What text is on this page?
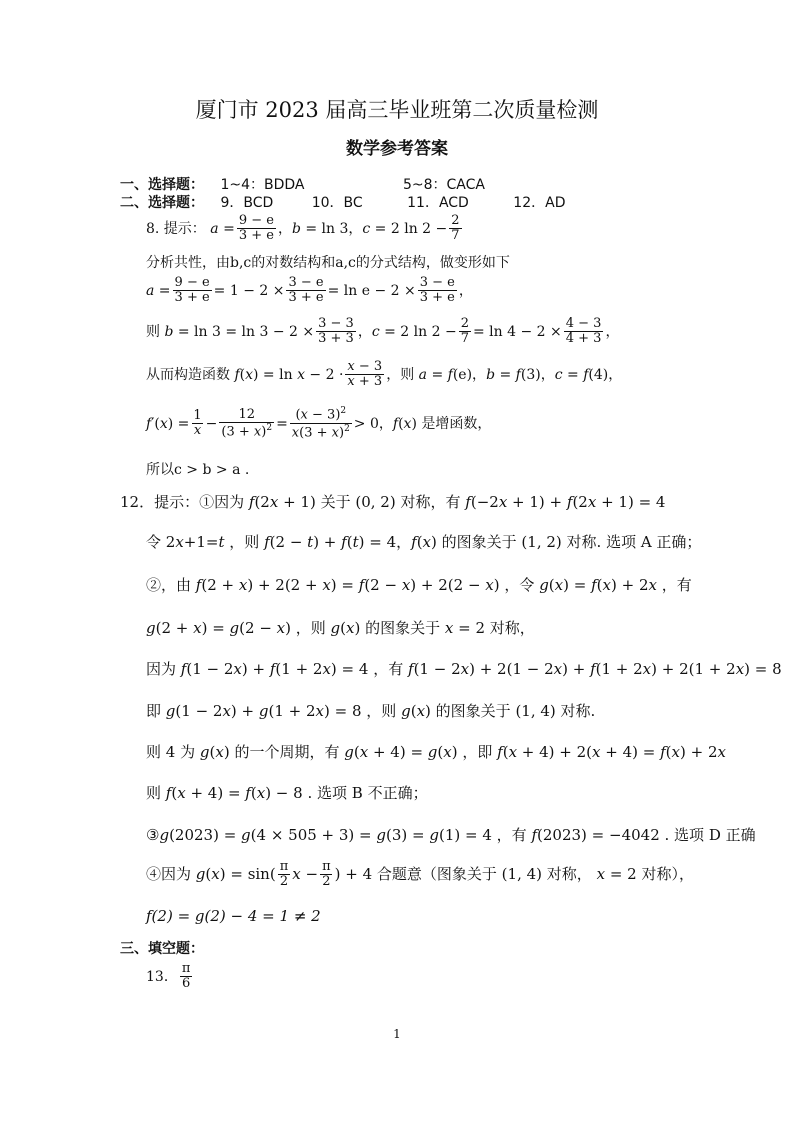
厦门市 2023 届高三毕业班第二次质量检测
数学参考答案
一、选择题： 1~4：BDDA	5~8：CACA
二、选择题： 9．BCD	10．BC	11．ACD	12．AD
8. 提示： $a = \frac{9 - e}{3 + e}$ ，b = ln 3，c = 2 $\ln 2 - \frac{2}{7}$
分析共性，由b,c的对数结构和a,c的分式结构，做变形如下
$a = \frac{9 - e}{3 + e} = 1 - 2 \times \frac{3 - e}{3 + e} = \ln e - 2 \times \frac{3 - e}{3 + e}$ ，
则 $b = \ln 3 = \ln 3 - 2 \times \frac{3 - 3}{3 + 3}$ ，c = 2 $\ln 2 - \frac{2}{7} = \ln 4 - 2 \times \frac{4 - 3}{4 + 3}$ ，
从而构造函数 $f(x) = \ln x - 2 \cdot \frac{x - 3}{x + 3}$ ，则 a = f(e)，b = f(3)，c = f(4)，
$f'(x) = \frac{1}{x} - \frac{12}{(3 + x)^2} = \frac{(x - 3)^2}{x(3 + x)^2} > 0$，f(x) 是增函数，
所以c > b > a .
12．提示：①因为 f(2x + 1) 关于 (0, 2) 对称，有 f(−2x + 1) + f(2x + 1) = 4
令 2x+1=t ，则 f(2 − t) + f(t) = 4，f(x) 的图象关于 (1, 2) 对称. 选项 A 正确；
②，由 f(2 + x) + 2(2 + x) = f(2 − x) + 2(2 − x) ，令 g(x) = f(x) + 2x ，有
g(2 + x) = g(2 − x) ，则 g(x) 的图象关于 x = 2 对称，
因为 f(1 − 2x) + f(1 + 2x) = 4 ，有 f(1 − 2x) + 2(1 − 2x) + f(1 + 2x) + 2(1 + 2x) = 8
即 g(1 − 2x) + g(1 + 2x) = 8 ，则 g(x) 的图象关于 (1, 4) 对称.
则 4 为 g(x) 的一个周期，有 g(x + 4) = g(x) ，即 f(x + 4) + 2(x + 4) = f(x) + 2x
则 f(x + 4) = f(x) − 8 . 选项 B 不正确；
③g(2023) = g(4 × 505 + 3) = g(3) = g(1) = 4 ，有 f(2023) = −4042 . 选项 D 正确
④因为 $g(x) = \sin( \frac{\pi}{2}$ $x - \frac{\pi}{2}$ ) + 4 合题意（图象关于 (1, 4) 对称， x = 2 对称），
f(2) = g(2) − 4 = 1 ≠ 2
三、填空题：
13． $\frac{\pi}{6}$
1
